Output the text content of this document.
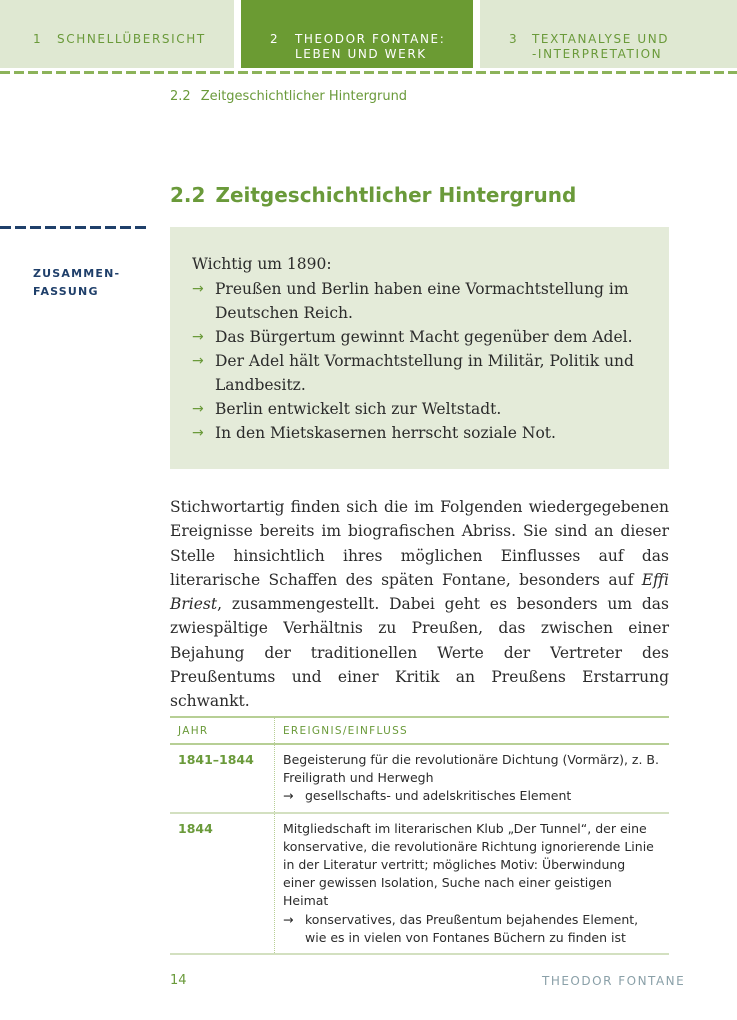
1 SCHNELLÜBERSICHT	2 THEODOR FONTANE:
LEBEN UND WERK
3 TEXTANALYSE UND
-INTERPRETATION
2.2 Zeitgeschichtlicher Hintergrund
2.2 Zeitgeschichtlicher Hintergrund
ZUSAMMEN-
FASSUNG
Wichtig um 1890:
→ Preußen und Berlin haben eine Vormachtstellung im Deutschen Reich.
→ Das Bürgertum gewinnt Macht gegenüber dem Adel.
→ Der Adel hält Vormachtstellung in Militär, Politik und Landbesitz.
→ Berlin entwickelt sich zur Weltstadt.
→ In den Mietskasernen herrscht soziale Not.

Stichwortartig finden sich die im Folgenden wiedergegebenen Ereignisse bereits im biografischen Abriss. Sie sind an dieser Stelle hinsichtlich ihres möglichen Einflusses auf das literarische Schaffen des späten Fontane, besonders auf Effi Briest, zusammengestellt. Dabei geht es besonders um das zwiespältige Verhältnis zu Preußen, das zwischen einer Bejahung der traditionellen Werte der Vertreter des Preußentums und einer Kritik an Preußens Erstarrung schwankt.

JAHR	EREIGNIS/EINFLUSS
1841–1844	Begeisterung für die revolutionäre Dichtung (Vormärz), z. B. Freiligrath und Herwegh
→ gesellschafts- und adelskritisches Element

1844	Mitgliedschaft im literarischen Klub „Der Tunnel“, der eine konservative, die revolutionäre Richtung ignorierende Linie in der Literatur vertritt; mögliches Motiv: Überwindung einer gewissen Isolation, Suche nach einer geistigen Heimat
→ konservatives, das Preußentum bejahendes Element, wie es in vielen von Fontanes Büchern zu finden ist
14	THEODOR FONTANE
